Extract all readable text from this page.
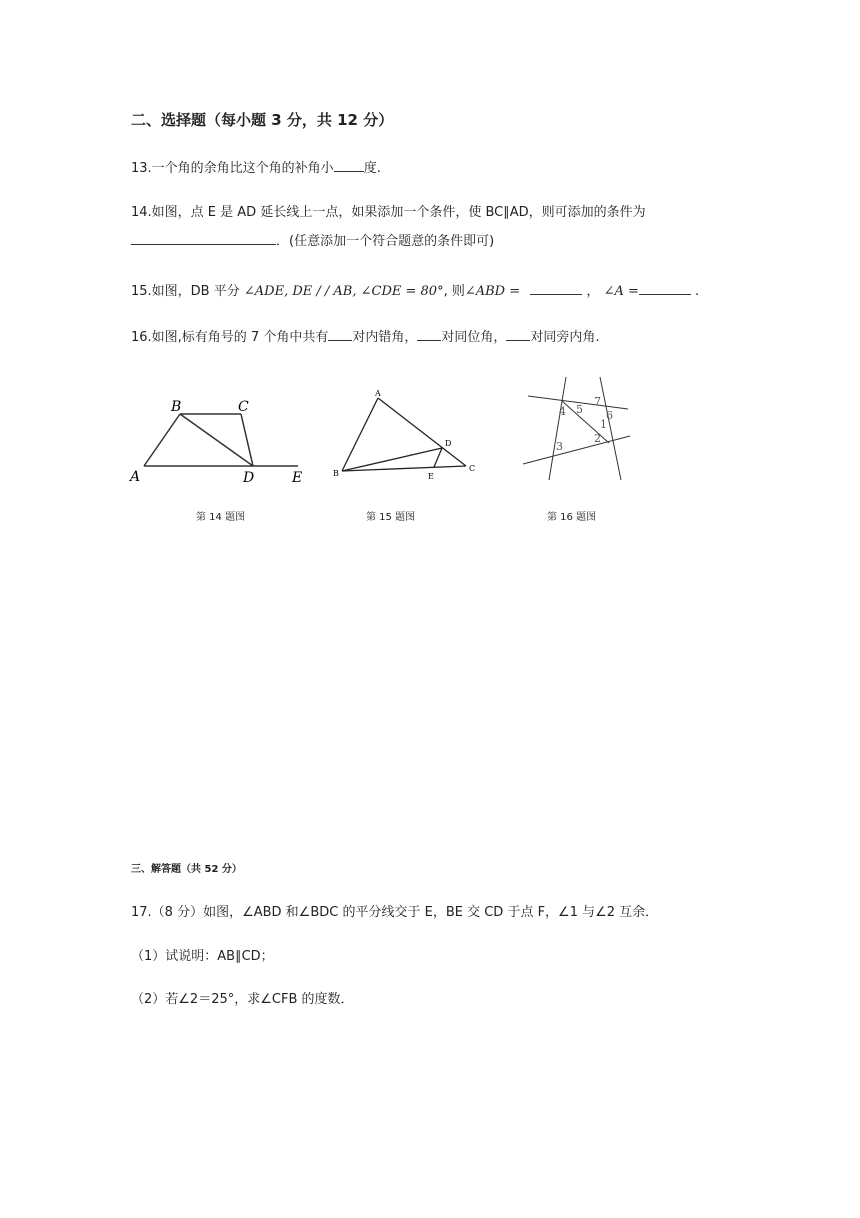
二、选择题（每小题 3 分，共 12 分）
13.一个角的余角比这个角的补角小 度.
14.如图，点 E 是 AD 延长线上一点，如果添加一个条件，使 BC∥AD，则可添加的条件为
．(任意添加一个符合题意的条件即可)
15.如图，DB 平分 ∠ADE, DE / / AB, ∠CDE = 80°, 则∠ABD =	， ∠A =	.
16.如图,标有角号的 7 个角中共有 对内错角， 对同位角， 对同旁内角.
A
B	C
D	E
A
B
C
D
E
1
2
3
4 5 6
7
第 14 题图	第 15 题图	第 16 题图
三、解答题（共 52 分）
17.（8 分）如图，∠ABD 和∠BDC 的平分线交于 E，BE 交 CD 于点 F，∠1 与∠2 互余．
（1）试说明：AB∥CD；
（2）若∠2＝25°，求∠CFB 的度数．
